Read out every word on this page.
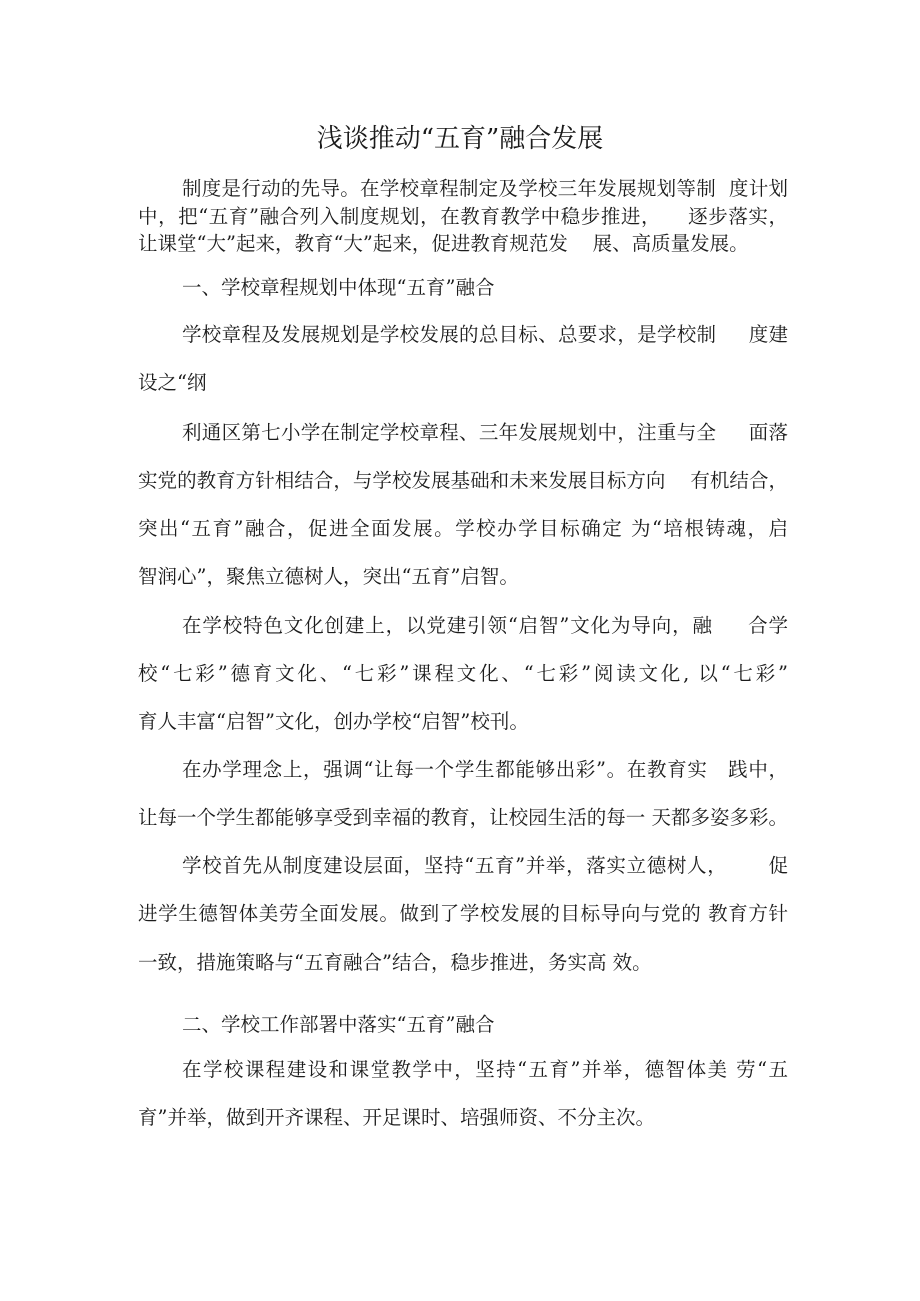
浅谈推动“五育”融合发展
制度是行动的先导。在学校章程制定及学校三年发展规划等制  度计划
中，把“五育”融合列入制度规划，在教育教学中稳步推进，    逐步落实，
让课堂“大”起来，教育“大”起来，促进教育规范发    展、高质量发展。
一、学校章程规划中体现“五育”融合
学校章程及发展规划是学校发展的总目标、总要求，是学校制     度建
设之“纲
利通区第七小学在制定学校章程、三年发展规划中，注重与全     面落
实党的教育方针相结合，与学校发展基础和未来发展目标方向    有机结合，
突出“五育”融合，促进全面发展。学校办学目标确定 为“培根铸魂，启
智润心”，聚焦立德树人，突出“五育”启智。
在学校特色文化创建上，以党建引领“启智”文化为导向，融     合学
校“七彩”德育文化、“七彩”课程文化、“七彩”阅读文化, 以“七彩”
育人丰富“启智”文化，创办学校“启智”校刊。
在办学理念上，强调“让每一个学生都能够出彩”。在教育实   践中，
让每一个学生都能够享受到幸福的教育，让校园生活的每一 天都多姿多彩。
学校首先从制度建设层面，坚持“五育”并举，落实立德树人，      促
进学生德智体美劳全面发展。做到了学校发展的目标导向与党的 教育方针
一致，措施策略与“五育融合”结合，稳步推进，务实高 效。
二、学校工作部署中落实“五育”融合
在学校课程建设和课堂教学中，坚持“五育”并举，德智体美 劳“五
育”并举，做到开齐课程、开足课时、培强师资、不分主次。
